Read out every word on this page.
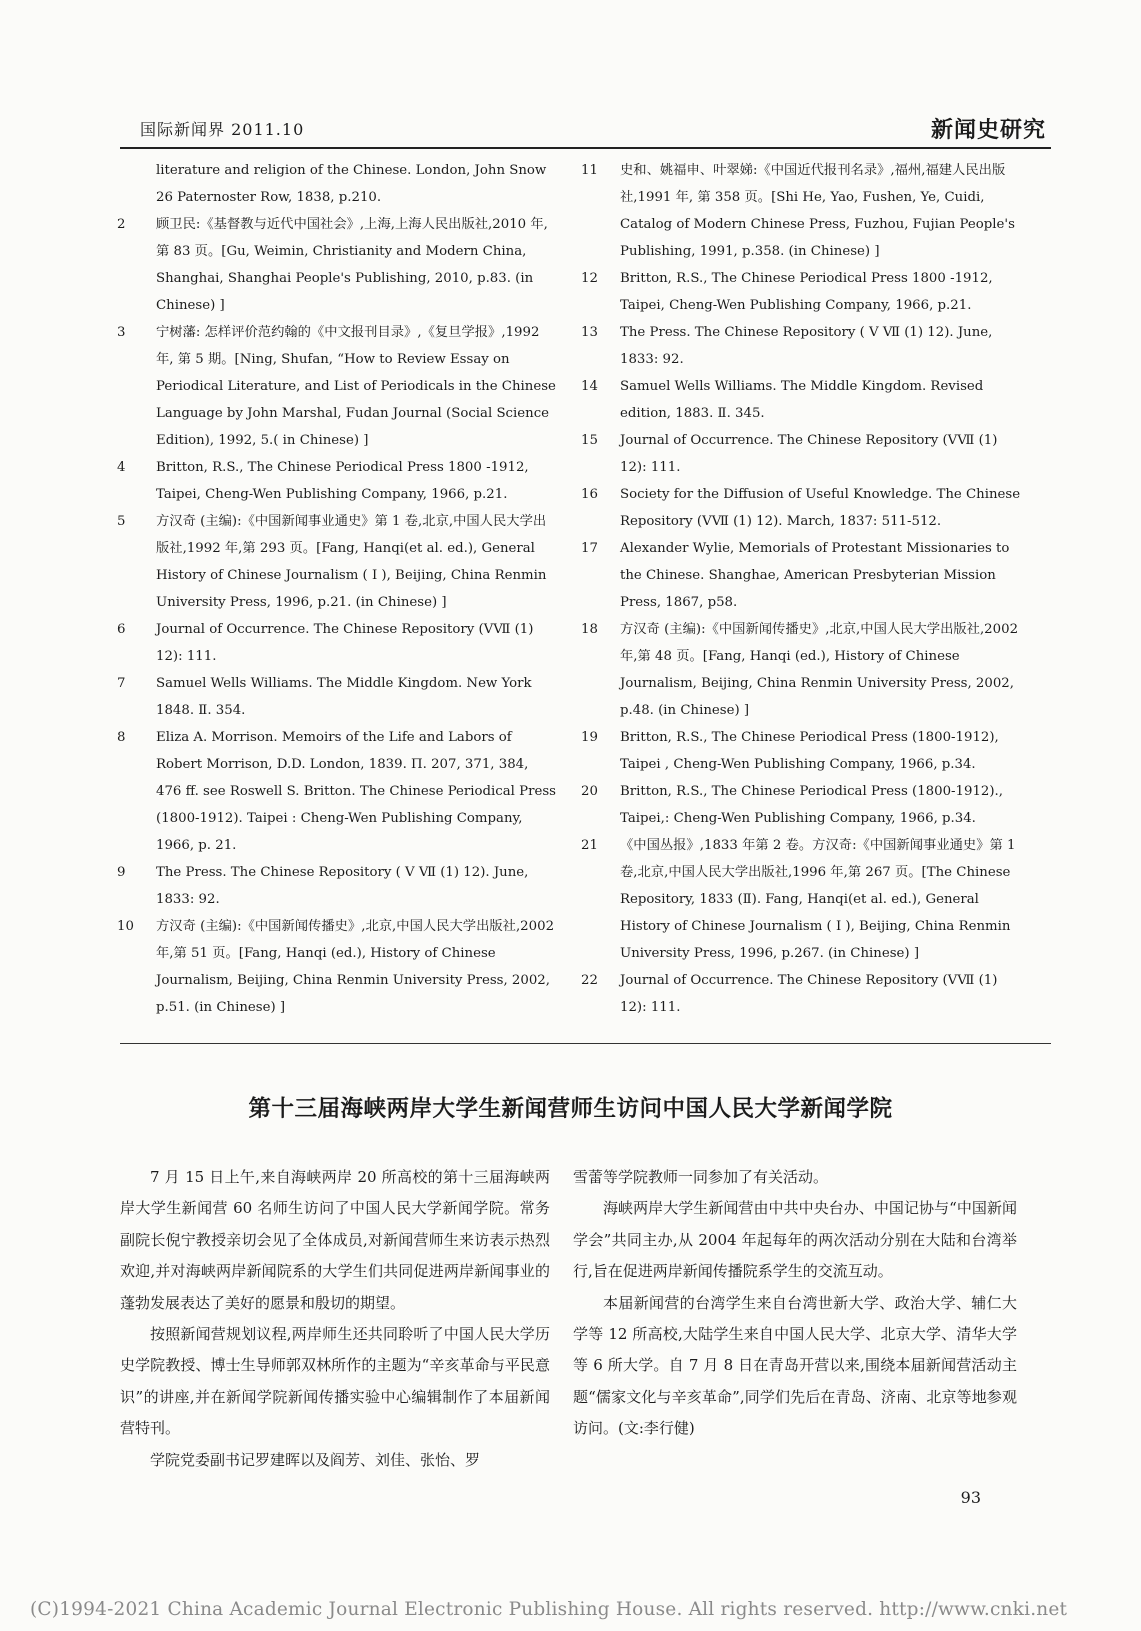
国际新闻界 2011.10	新闻史研究
literature and religion of the Chinese. London, John Snow 26 Paternoster Row, 1838, p.210.
2 顾卫民:《基督教与近代中国社会》,上海,上海人民出版社,2010 年, 第 83 页。[Gu, Weimin, Christianity and Modern China, Shanghai, Shanghai People's Publishing, 2010, p.83. (in Chinese) ]
3 宁树藩: 怎样评价范约翰的《中文报刊目录》,《复旦学报》,1992 年, 第 5 期。[Ning, Shufan, “How to Review Essay on Periodical Literature, and List of Periodicals in the Chinese Language by John Marshal, Fudan Journal (Social Science Edition), 1992, 5.( in Chinese) ]
4 Britton, R.S., The Chinese Periodical Press 1800 -1912, Taipei, Cheng-Wen Publishing Company, 1966, p.21.
5 方汉奇 (主编):《中国新闻事业通史》第 1 卷,北京,中国人民大学出版社,1992 年,第 293 页。[Fang, Hanqi(et al. ed.), General History of Chinese Journalism ( Ⅰ ), Beijing, China Renmin University Press, 1996, p.21. (in Chinese) ]
6 Journal of Occurrence. The Chinese Repository (ⅤⅦ (1) 12): 111.
7 Samuel Wells Williams. The Middle Kingdom. New York 1848. Ⅱ. 354.
8 Eliza A. Morrison. Memoirs of the Life and Labors of Robert Morrison, D.D. London, 1839. Π. 207, 371, 384, 476 ff. see Roswell S. Britton. The Chinese Periodical Press (1800-1912). Taipei : Cheng-Wen Publishing Company, 1966, p. 21.
9 The Press. The Chinese Repository ( Ⅴ Ⅶ (1) 12). June, 1833: 92.
10 方汉奇 (主编):《中国新闻传播史》,北京,中国人民大学出版社,2002 年,第 51 页。[Fang, Hanqi (ed.), History of Chinese Journalism, Beijing, China Renmin University Press, 2002, p.51. (in Chinese) ]
11 史和、姚福申、叶翠娣:《中国近代报刊名录》,福州,福建人民出版社,1991 年, 第 358 页。[Shi He, Yao, Fushen, Ye, Cuidi, Catalog of Modern Chinese Press, Fuzhou, Fujian People's Publishing, 1991, p.358. (in Chinese) ]
12 Britton, R.S., The Chinese Periodical Press 1800 -1912, Taipei, Cheng-Wen Publishing Company, 1966, p.21.
13 The Press. The Chinese Repository ( Ⅴ Ⅶ (1) 12). June, 1833: 92.
14 Samuel Wells Williams. The Middle Kingdom. Revised edition, 1883. Ⅱ. 345.
15 Journal of Occurrence. The Chinese Repository (ⅤⅦ (1) 12): 111.
16 Society for the Diffusion of Useful Knowledge. The Chinese Repository (ⅤⅦ (1) 12). March, 1837: 511-512.
17 Alexander Wylie, Memorials of Protestant Missionaries to the Chinese. Shanghae, American Presbyterian Mission Press, 1867, p58.
18 方汉奇 (主编):《中国新闻传播史》,北京,中国人民大学出版社,2002 年,第 48 页。[Fang, Hanqi (ed.), History of Chinese Journalism, Beijing, China Renmin University Press, 2002, p.48. (in Chinese) ]
19 Britton, R.S., The Chinese Periodical Press (1800-1912), Taipei , Cheng-Wen Publishing Company, 1966, p.34.
20 Britton, R.S., The Chinese Periodical Press (1800-1912)., Taipei,: Cheng-Wen Publishing Company, 1966, p.34.
21 《中国丛报》,1833 年第 2 卷。方汉奇:《中国新闻事业通史》第 1 卷,北京,中国人民大学出版社,1996 年,第 267 页。[The Chinese Repository, 1833 (Ⅱ). Fang, Hanqi(et al. ed.), General History of Chinese Journalism ( Ⅰ ), Beijing, China Renmin University Press, 1996, p.267. (in Chinese) ]
22 Journal of Occurrence. The Chinese Repository (ⅤⅦ (1) 12): 111.
第十三届海峡两岸大学生新闻营师生访问中国人民大学新闻学院

7 月 15 日上午,来自海峡两岸 20 所高校的第十三届海峡两岸大学生新闻营 60 名师生访问了中国人民大学新闻学院。常务副院长倪宁教授亲切会见了全体成员,对新闻营师生来访表示热烈欢迎,并对海峡两岸新闻院系的大学生们共同促进两岸新闻事业的蓬勃发展表达了美好的愿景和殷切的期望。

按照新闻营规划议程,两岸师生还共同聆听了中国人民大学历史学院教授、博士生导师郭双林所作的主题为“辛亥革命与平民意识”的讲座,并在新闻学院新闻传播实验中心编辑制作了本届新闻营特刊。

学院党委副书记罗建晖以及阎芳、刘佳、张怡、罗

雪蕾等学院教师一同参加了有关活动。

海峡两岸大学生新闻营由中共中央台办、中国记协与“中国新闻学会”共同主办,从 2004 年起每年的两次活动分别在大陆和台湾举行,旨在促进两岸新闻传播院系学生的交流互动。

本届新闻营的台湾学生来自台湾世新大学、政治大学、辅仁大学等 12 所高校,大陆学生来自中国人民大学、北京大学、清华大学等 6 所大学。自 7 月 8 日在青岛开营以来,围绕本届新闻营活动主题“儒家文化与辛亥革命”,同学们先后在青岛、济南、北京等地参观访问。(文:李行健)

93
(C)1994-2021 China Academic Journal Electronic Publishing House. All rights reserved. http://www.cnki.net
